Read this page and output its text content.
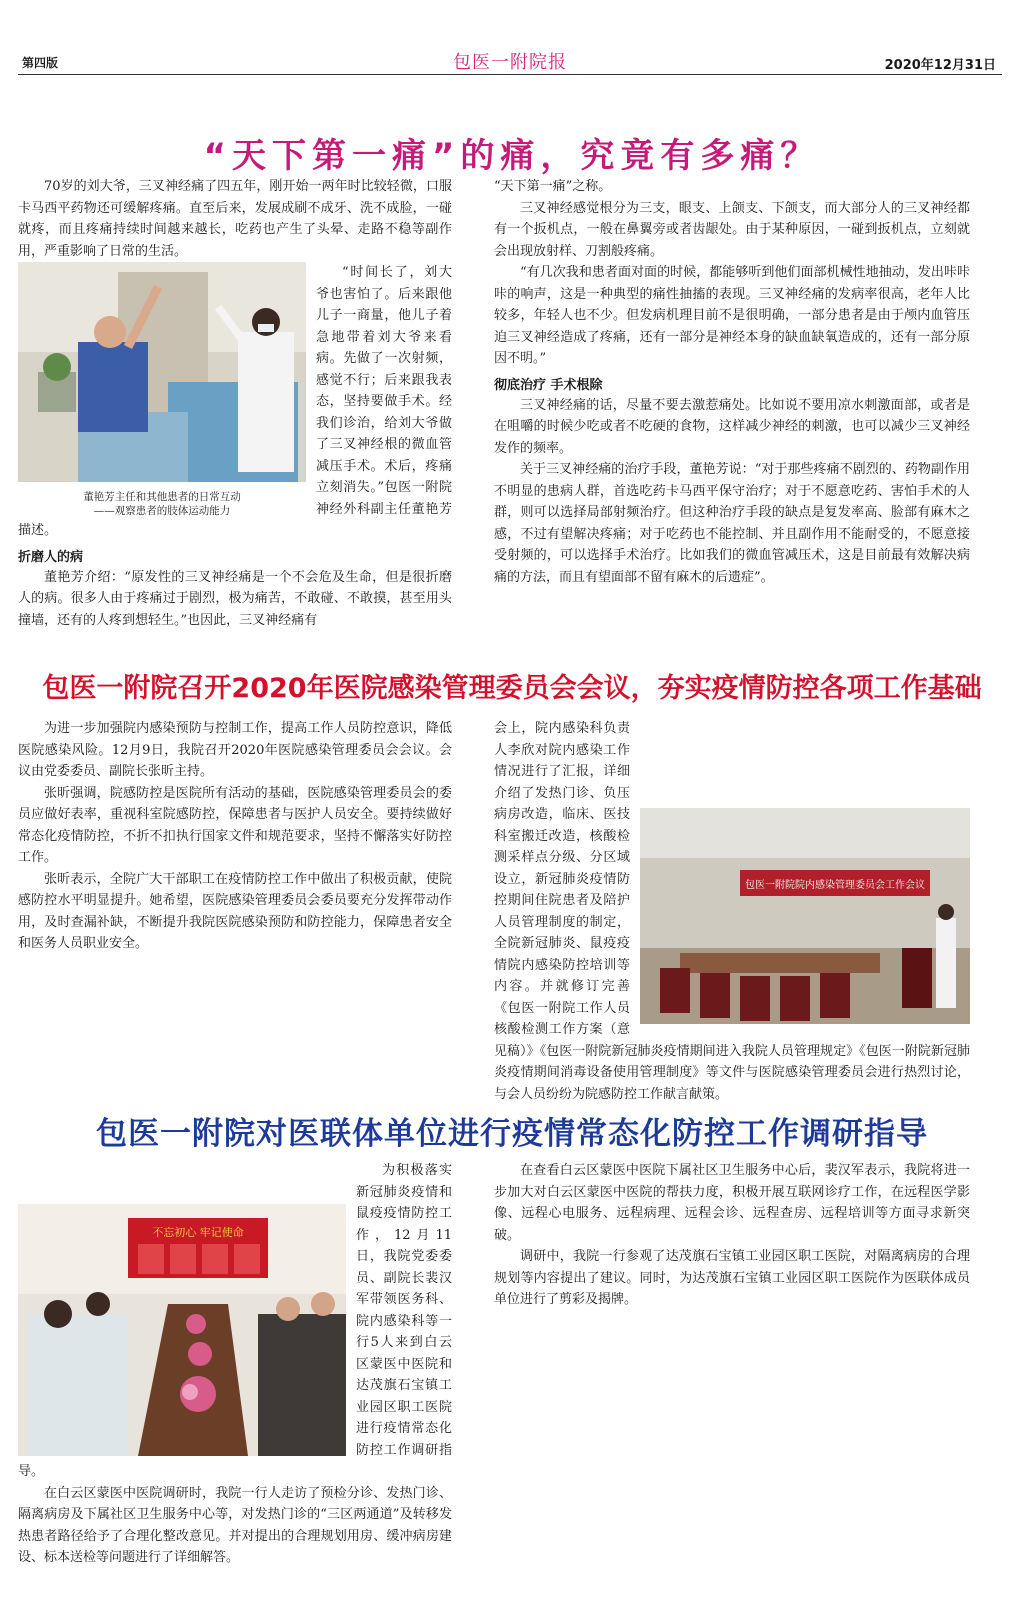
第四版	包医一附院报	2020年12月31日
“天下第一痛”的痛，究竟有多痛？

70岁的刘大爷，三叉神经痛了四五年，刚开始一两年时比较轻微，口服卡马西平药物还可缓解疼痛。直至后来，发展成刷不成牙、洗不成脸，一碰就疼，而且疼痛持续时间越来越长，吃药也产生了头晕、走路不稳等副作用，严重影响了日常的生活。

董艳芳主任和其他患者的日常互动
——观察患者的肢体运动能力

“时间长了，刘大爷也害怕了。后来跟他儿子一商量，他儿子着急地带着刘大爷来看病。先做了一次射频，感觉不行；后来跟我表态，坚持要做手术。经我们诊治，给刘大爷做了三叉神经根的微血管减压手术。术后，疼痛立刻消失。”包医一附院神经外科副主任董艳芳描述。

折磨人的病

董艳芳介绍：“原发性的三叉神经痛是一个不会危及生命，但是很折磨人的病。很多人由于疼痛过于剧烈，极为痛苦，不敢碰、不敢摸，甚至用头撞墙，还有的人疼到想轻生。”也因此，三叉神经痛有

“天下第一痛”之称。

三叉神经感觉根分为三支，眼支、上颌支、下颌支，而大部分人的三叉神经都有一个扳机点，一般在鼻翼旁或者齿龈处。由于某种原因，一碰到扳机点，立刻就会出现放射样、刀割般疼痛。

“有几次我和患者面对面的时候，都能够听到他们面部机械性地抽动，发出咔咔咔的响声，这是一种典型的痛性抽搐的表现。三叉神经痛的发病率很高，老年人比较多，年轻人也不少。但发病机理目前不是很明确，一部分患者是由于颅内血管压迫三叉神经造成了疼痛，还有一部分是神经本身的缺血缺氧造成的，还有一部分原因不明。”

彻底治疗 手术根除

三叉神经痛的话，尽量不要去激惹痛处。比如说不要用凉水刺激面部，或者是在咀嚼的时候少吃或者不吃硬的食物，这样减少神经的刺激，也可以减少三叉神经发作的频率。

关于三叉神经痛的治疗手段，董艳芳说：“对于那些疼痛不剧烈的、药物副作用不明显的患病人群，首选吃药卡马西平保守治疗；对于不愿意吃药、害怕手术的人群，则可以选择局部射频治疗。但这种治疗手段的缺点是复发率高、脸部有麻木之感，不过有望解决疼痛；对于吃药也不能控制、并且副作用不能耐受的，不愿意接受射频的，可以选择手术治疗。比如我们的微血管减压术，这是目前最有效解决病痛的方法，而且有望面部不留有麻木的后遗症”。

包医一附院召开2020年医院感染管理委员会会议，夯实疫情防控各项工作基础

为进一步加强院内感染预防与控制工作，提高工作人员防控意识，降低医院感染风险。12月9日，我院召开2020年医院感染管理委员会会议。会议由党委委员、副院长张昕主持。

张昕强调，院感防控是医院所有活动的基础，医院感染管理委员会的委员应做好表率，重视科室院感防控，保障患者与医护人员安全。要持续做好常态化疫情防控，不折不扣执行国家文件和规范要求，坚持不懈落实好防控工作。

张昕表示，全院广大干部职工在疫情防控工作中做出了积极贡献，使院感防控水平明显提升。她希望，医院感染管理委员会委员要充分发挥带动作用，及时查漏补缺，不断提升我院医院感染预防和防控能力，保障患者安全和医务人员职业安全。

包医一附院院内感染管理委员会工作会议

会上，院内感染科负责人李欣对院内感染工作情况进行了汇报，详细介绍了发热门诊、负压病房改造，临床、医技科室搬迁改造，核酸检测采样点分级、分区域设立，新冠肺炎疫情防控期间住院患者及陪护人员管理制度的制定，全院新冠肺炎、鼠疫疫情院内感染防控培训等内容。并就修订完善《包医一附院工作人员核酸检测工作方案（意见稿）》《包医一附院新冠肺炎疫情期间进入我院人员管理规定》《包医一附院新冠肺炎疫情期间消毒设备使用管理制度》等文件与医院感染管理委员会进行热烈讨论，与会人员纷纷为院感防控工作献言献策。

包医一附院对医联体单位进行疫情常态化防控工作调研指导
不忘初心 牢记使命

为积极落实新冠肺炎疫情和鼠疫疫情防控工作，12月11日，我院党委委员、副院长裴汉军带领医务科、院内感染科等一行5人来到白云区蒙医中医院和达茂旗石宝镇工业园区职工医院进行疫情常态化防控工作调研指导。

在白云区蒙医中医院调研时，我院一行人走访了预检分诊、发热门诊、隔离病房及下属社区卫生服务中心等，对发热门诊的“三区两通道”及转移发热患者路径给予了合理化整改意见。并对提出的合理规划用房、缓冲病房建设、标本送检等问题进行了详细解答。

在查看白云区蒙医中医院下属社区卫生服务中心后，裴汉军表示，我院将进一步加大对白云区蒙医中医院的帮扶力度，积极开展互联网诊疗工作，在远程医学影像、远程心电服务、远程病理、远程会诊、远程查房、远程培训等方面寻求新突破。

调研中，我院一行参观了达茂旗石宝镇工业园区职工医院，对隔离病房的合理规划等内容提出了建议。同时，为达茂旗石宝镇工业园区职工医院作为医联体成员单位进行了剪彩及揭牌。
